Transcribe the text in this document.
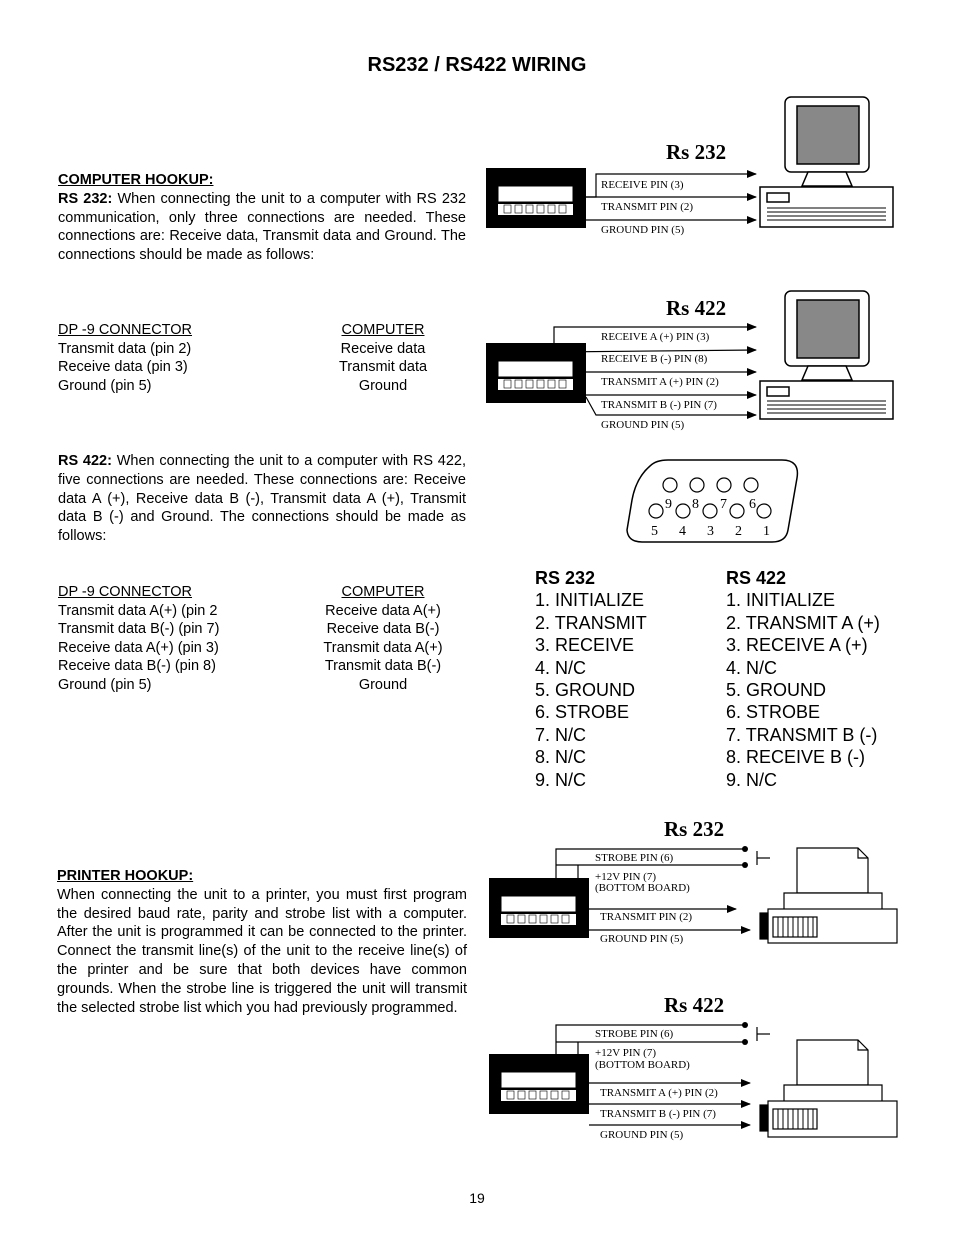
RS232 / RS422 WIRING
COMPUTER HOOKUP:
RS 232: When connecting the unit to a computer with RS 232 communication, only three connections are needed. These connections are: Receive data, Transmit data and Ground. The connections should be made as follows:
DP -9 CONNECTOR	COMPUTER
Transmit data (pin 2)	Receive data
Receive data (pin 3)	Transmit data
Ground (pin 5)	Ground
RS 422: When connecting the unit to a computer with RS 422, five connections are needed. These connections are: Receive data A (+), Receive data B (-), Transmit data A (+), Transmit data B (-) and Ground. The connections should be made as follows:
DP -9 CONNECTOR	COMPUTER
Transmit data A(+) (pin 2	Receive data A(+)
Transmit data B(-) (pin 7)	Receive data B(-)
Receive data A(+) (pin 3)	Transmit data A(+)
Receive data B(-) (pin 8)	Transmit data B(-)
Ground (pin 5)	Ground
PRINTER HOOKUP:
When connecting the unit to a printer, you must first program the desired baud rate, parity and strobe list with a computer. After the unit is programmed it can be connected to the printer. Connect the transmit line(s) of the unit to the receive line(s) of the printer and be sure that both devices have common grounds. When the strobe line is triggered the unit will transmit the selected strobe list which you had previously programmed.
RS 232
1. INITIALIZE
2. TRANSMIT
3. RECEIVE
4. N/C
5. GROUND
6. STROBE
7. N/C
8. N/C
9. N/C
RS 422
1. INITIALIZE
2. TRANSMIT A (+)
3. RECEIVE A (+)
4. N/C
5. GROUND
6. STROBE
7. TRANSMIT B (-)
8. RECEIVE B (-)
9. N/C
Rs 232
RECEIVE PIN (3)
TRANSMIT PIN (2)
GROUND PIN (5)
Rs 422
RECEIVE A (+) PIN (3)
RECEIVE B (-) PIN (8)
TRANSMIT A (+) PIN (2)
TRANSMIT B (-) PIN (7)
GROUND PIN (5)
9 8 7 6
5 4 3 2 1
Rs 232
STROBE PIN (6)
+12V PIN (7)
(BOTTOM BOARD)
TRANSMIT PIN (2)
GROUND PIN (5)
Rs 422
STROBE PIN (6)
+12V PIN (7)
(BOTTOM BOARD)
TRANSMIT A (+) PIN (2)
TRANSMIT B (-) PIN (7)
GROUND PIN (5)
19
